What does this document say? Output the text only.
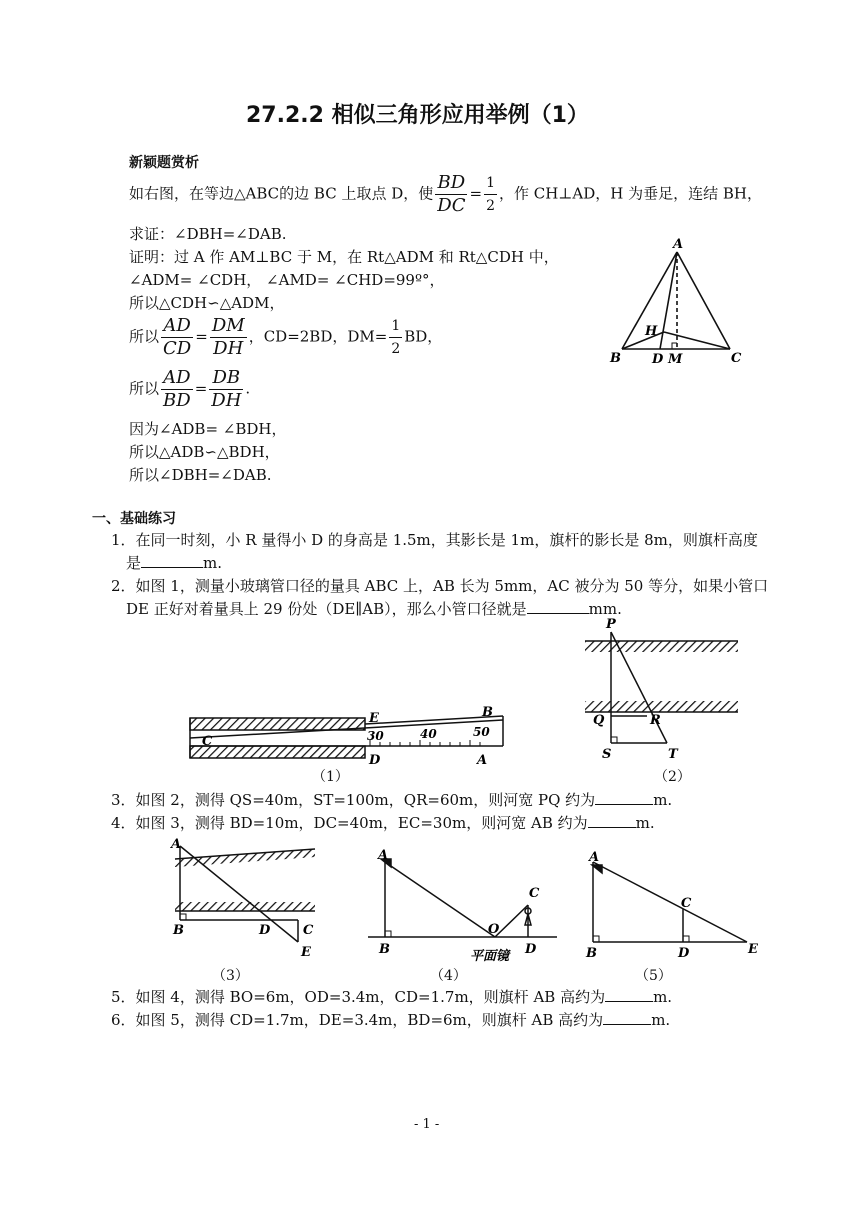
27.2.2 相似三角形应用举例（1）
新颖题赏析
如右图，在等边△ABC的边 BC 上取点 D，使 $\frac{BD}{DC} = \frac{1}{2}$ ，作 CH⊥AD，H 为垂足，连结 BH，
求证：∠DBH=∠DAB.
证明：过 A 作 AM⊥BC 于 M，在 Rt△ADM 和 Rt△CDH 中，
∠ADM= ∠CDH， ∠AMD= ∠CHD=99º°，
所以△CDH∽△ADM，
所以 $\frac{AD}{CD} = \frac{DM}{DH}$ ，CD=2BD，$DM= \frac{1}{2}$ BD，
所以 $\frac{AD}{BD} = \frac{DB}{DH}$ .
因为∠ADB= ∠BDH，
所以△ADB∽△BDH，
所以∠DBH=∠DAB.
A
B	C
D M
H
一、基础练习
1．在同一时刻，小 R 量得小 D 的身高是 1.5m，其影长是 1m，旗杆的影长是 8m，则旗杆高度
是	m.
2．如图 1，测量小玻璃管口径的量具 ABC 上，AB 长为 5mm，AC 被分为 50 等分，如果小管口
DE 正好对着量具上 29 份处（DE∥AB），那么小管口径就是	mm.
E	B
C
D	A
30	40	50
（1）
P
Q	R
S	T
（2）
3．如图 2，测得 QS=40m，ST=100m，QR=60m，则河宽 PQ 约为	m.
4．如图 3，测得 BD=10m，DC=40m，EC=30m，则河宽 AB 约为	m.
A
B	D	C
E
（3）
A
B
O
C
D
平面镜
（4）
A
B
C
D	E
（5）
5．如图 4，测得 BO=6m，OD=3.4m，CD=1.7m，则旗杆 AB 高约为	m.
6．如图 5，测得 CD=1.7m，DE=3.4m，BD=6m，则旗杆 AB 高约为	m.
- 1 -
